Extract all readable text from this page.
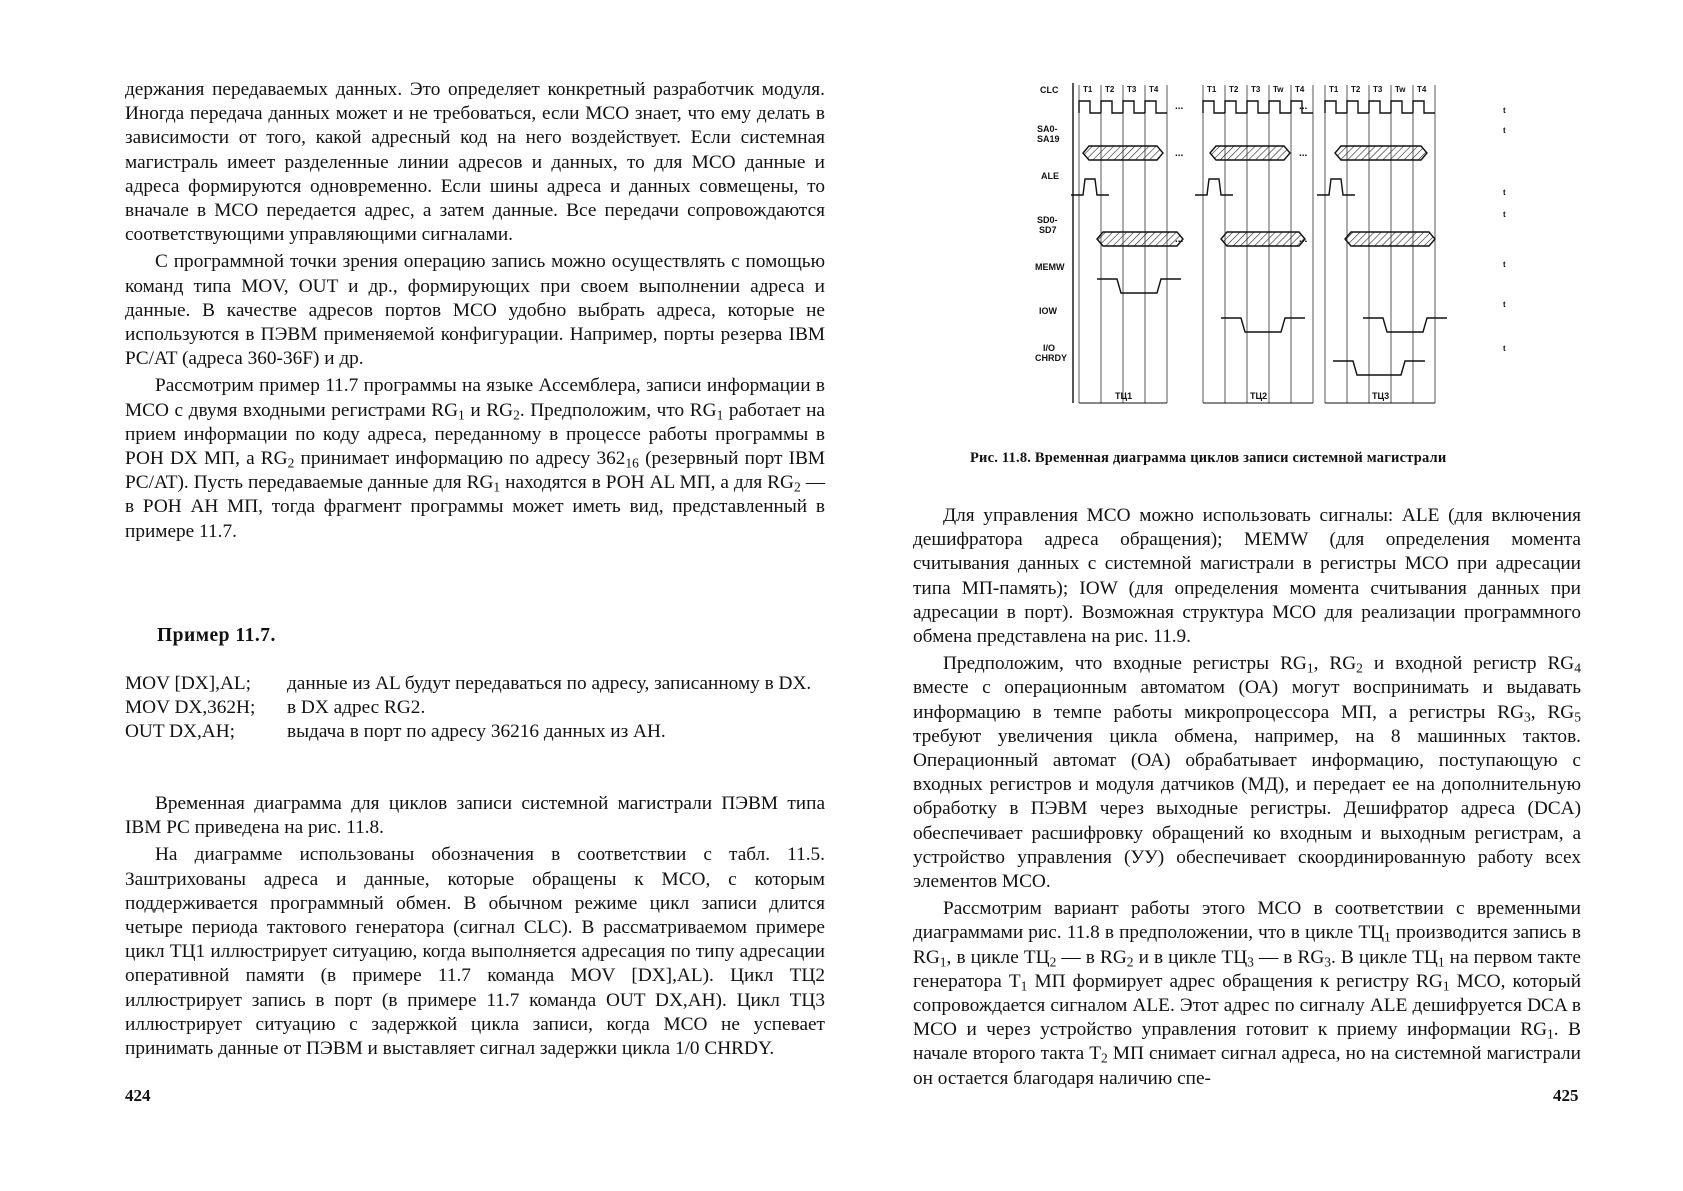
держания передаваемых данных. Это определяет конкретный разработчик модуля. Иногда передача данных может и не требоваться, если МСО знает, что ему делать в зависимости от того, какой адресный код на него воздействует. Если системная магистраль имеет разделенные линии адресов и данных, то для МСО данные и адреса формируются одновременно. Если шины адреса и данных совмещены, то вначале в МСО передается адрес, а затем данные. Все передачи сопровождаются соответствующими управляющими сигналами.

С программной точки зрения операцию запись можно осуществлять с помощью команд типа MOV, OUT и др., формирующих при своем выполнении адреса и данные. В качестве адресов портов МСО удобно выбрать адреса, которые не используются в ПЭВМ применяемой конфигурации. Например, порты резерва IBM PC/AT (адреса 360-36F) и др.

Рассмотрим пример 11.7 программы на языке Ассемблера, записи информации в МСО с двумя входными регистрами $RG_1$ и $RG_2$. Предположим, что $RG_1$ работает на прием информации по коду адреса, переданному в процессе работы программы в РОН DX МП, а $RG_2$ принимает информацию по адресу $362_{16}$ (резервный порт IBM PC/AT). Пусть передаваемые данные для $RG_1$ находятся в РОН AL МП, а для $RG_2$ — в РОН АН МП, тогда фрагмент программы может иметь вид, представленный в примере 11.7.

Пример 11.7.
MOV [DX],AL;	данные из AL будут передаваться по адресу, записанному в DX.
MOV DX,362H;	в DX адрес RG2.
OUT DX,AH;	выдача в порт по адресу 36216 данных из АН.

Временная диаграмма для циклов записи системной магистрали ПЭВМ типа IBM PC приведена на рис. 11.8.

На диаграмме использованы обозначения в соответствии с табл. 11.5. Заштрихованы адреса и данные, которые обращены к МСО, с которым поддерживается программный обмен. В обычном режиме цикл записи длится четыре периода тактового генератора (сигнал CLC). В рассматриваемом примере цикл ТЦ1 иллюстрирует ситуацию, когда выполняется адресация по типу адресации оперативной памяти (в примере 11.7 команда MOV [DX],AL). Цикл ТЦ2 иллюстрирует запись в порт (в примере 11.7 команда OUT DX,AH). Цикл ТЦ3 иллюстрирует ситуацию с задержкой цикла записи, когда МСО не успевает принимать данные от ПЭВМ и выставляет сигнал задержки цикла 1/0 CHRDY.

424	425
CLC
SA0-
SA19
ALE
SD0-
SD7
MEMW
IOW
I/O
CHRDY
T1 T2 T3 T4
ТЦ1
T1 T2 T3 Tw T4
ТЦ2
T1 T2 T3 Tw T4
ТЦ3
t
t
t
t
t
t
t
...	...
...	...
...	...
Рис. 11.8. Временная диаграмма циклов записи системной магистрали

Для управления МСО можно использовать сигналы: ALE (для включения дешифратора адреса обращения); MEMW (для определения момента считывания данных с системной магистрали в регистры МСО при адресации типа МП-память); IOW (для определения момента считывания данных при адресации в порт). Возможная структура МСО для реализации программного обмена представлена на рис. 11.9.

Предположим, что входные регистры $RG_1$, $RG_2$ и входной регистр $RG_4$ вместе с операционным автоматом (ОА) могут воспринимать и выдавать информацию в темпе работы микропроцессора МП, а регистры $RG_3$, $RG_5$ требуют увеличения цикла обмена, например, на 8 машинных тактов. Операционный автомат (ОА) обрабатывает информацию, поступающую с входных регистров и модуля датчиков (МД), и передает ее на дополнительную обработку в ПЭВМ через выходные регистры. Дешифратор адреса (DCA) обеспечивает расшифровку обращений ко входным и выходным регистрам, а устройство управления (УУ) обеспечивает скоординированную работу всех элементов МСО.

Рассмотрим вариант работы этого МСО в соответствии с временными диаграммами рис. 11.8 в предположении, что в цикле $ТЦ_1$ производится запись в $RG_1$, в цикле $ТЦ_2$ — в $RG_2$ и в цикле $ТЦ_3$ — в $RG_3$. В цикле $ТЦ_1$ на первом такте генератора $Т_1$ МП формирует адрес обращения к регистру $RG_1$ МСО, который сопровождается сигналом ALE. Этот адрес по сигналу ALE дешифруется DCA в МСО и через устройство управления готовит к приему информации $RG_1$. В начале второго такта $Т_2$ МП снимает сигнал адреса, но на системной магистрали он остается благодаря наличию спе-
